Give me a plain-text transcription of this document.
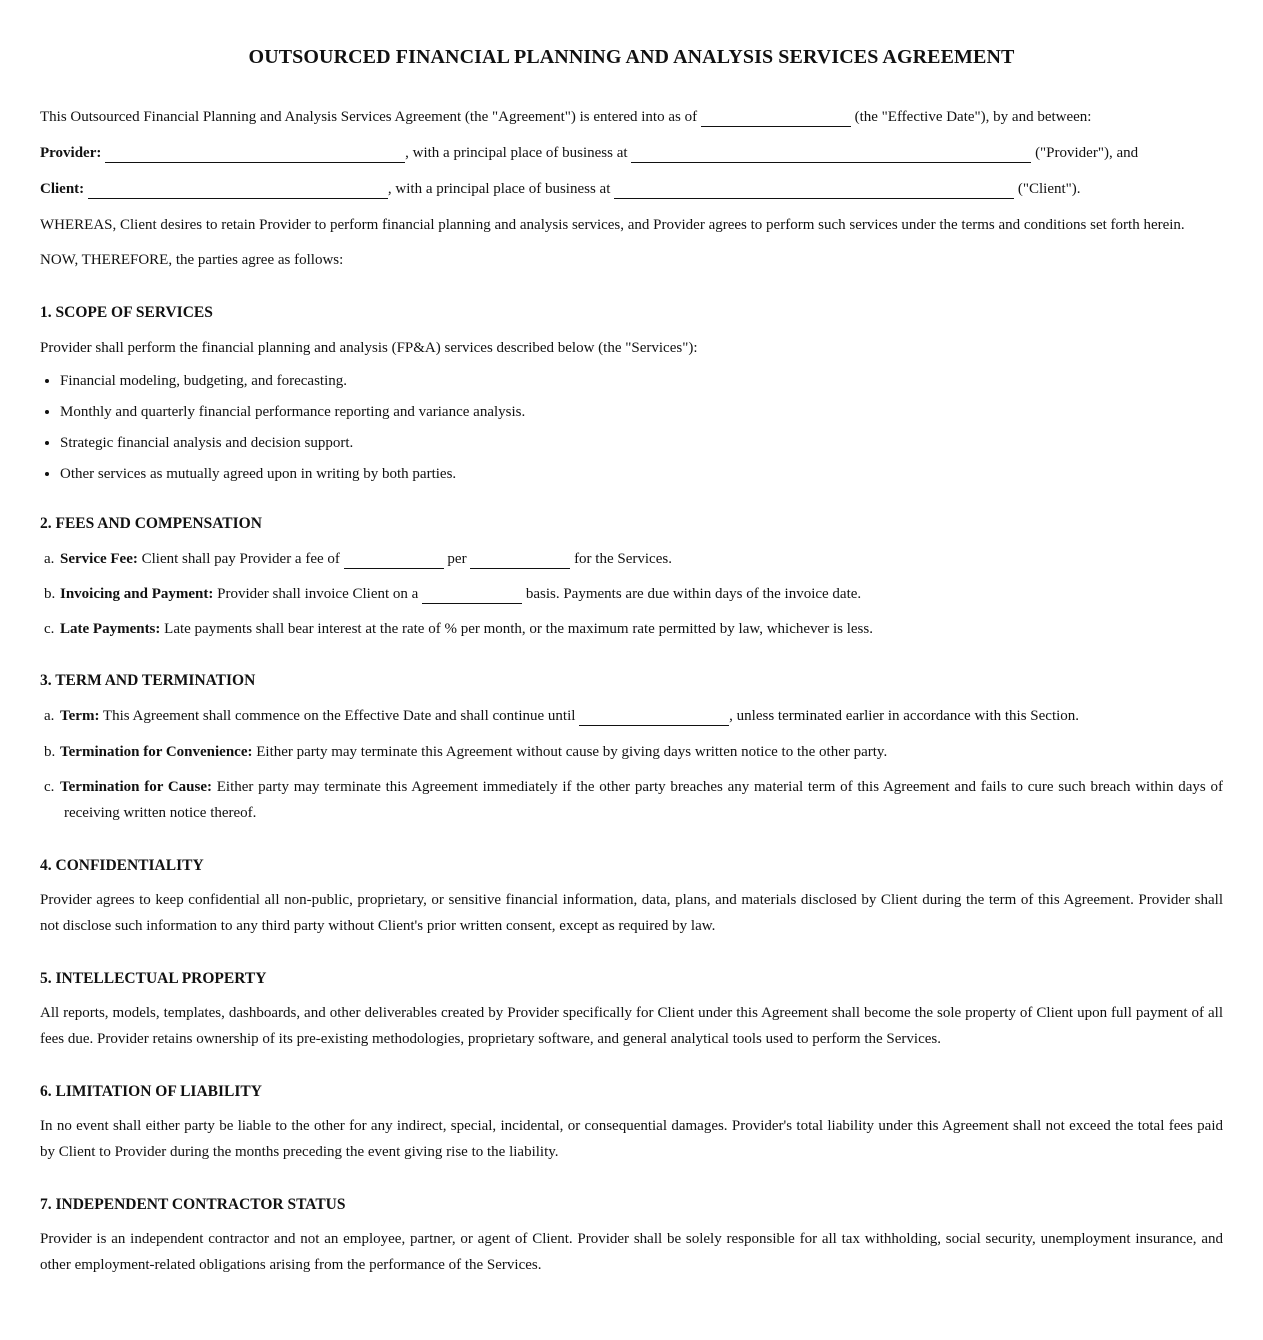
OUTSOURCED FINANCIAL PLANNING AND ANALYSIS SERVICES AGREEMENT

This Outsourced Financial Planning and Analysis Services Agreement (the "Agreement") is entered into as of	(the "Effective Date"), by and between:

Provider:	, with a principal place of business at	("Provider"), and

Client:	, with a principal place of business at	("Client").

WHEREAS, Client desires to retain Provider to perform financial planning and analysis services, and Provider agrees to perform such services under the terms and conditions set forth herein.

NOW, THEREFORE, the parties agree as follows:

1. SCOPE OF SERVICES

Provider shall perform the financial planning and analysis (FP&A) services described below (the "Services"):

• Financial modeling, budgeting, and forecasting.
• Monthly and quarterly financial performance reporting and variance analysis.
• Strategic financial analysis and decision support.
• Other services as mutually agreed upon in writing by both parties.
2. FEES AND COMPENSATION
a. Service Fee: Client shall pay Provider a fee of	per	for the Services.
b. Invoicing and Payment: Provider shall invoice Client on a	basis. Payments are due within days of the invoice date.
c. Late Payments: Late payments shall bear interest at the rate of % per month, or the maximum rate permitted by law, whichever is less.
3. TERM AND TERMINATION
a. Term: This Agreement shall commence on the Effective Date and shall continue until	, unless terminated earlier in accordance with this Section.
b. Termination for Convenience: Either party may terminate this Agreement without cause by giving days written notice to the other party.
c. Termination for Cause: Either party may terminate this Agreement immediately if the other party breaches any material term of this Agreement and fails to cure such breach within days of receiving written notice thereof.
4. CONFIDENTIALITY

Provider agrees to keep confidential all non-public, proprietary, or sensitive financial information, data, plans, and materials disclosed by Client during the term of this Agreement. Provider shall not disclose such information to any third party without Client's prior written consent, except as required by law.

5. INTELLECTUAL PROPERTY

All reports, models, templates, dashboards, and other deliverables created by Provider specifically for Client under this Agreement shall become the sole property of Client upon full payment of all fees due. Provider retains ownership of its pre-existing methodologies, proprietary software, and general analytical tools used to perform the Services.

6. LIMITATION OF LIABILITY

In no event shall either party be liable to the other for any indirect, special, incidental, or consequential damages. Provider's total liability under this Agreement shall not exceed the total fees paid by Client to Provider during the months preceding the event giving rise to the liability.

7. INDEPENDENT CONTRACTOR STATUS

Provider is an independent contractor and not an employee, partner, or agent of Client. Provider shall be solely responsible for all tax withholding, social security, unemployment insurance, and other employment-related obligations arising from the performance of the Services.
